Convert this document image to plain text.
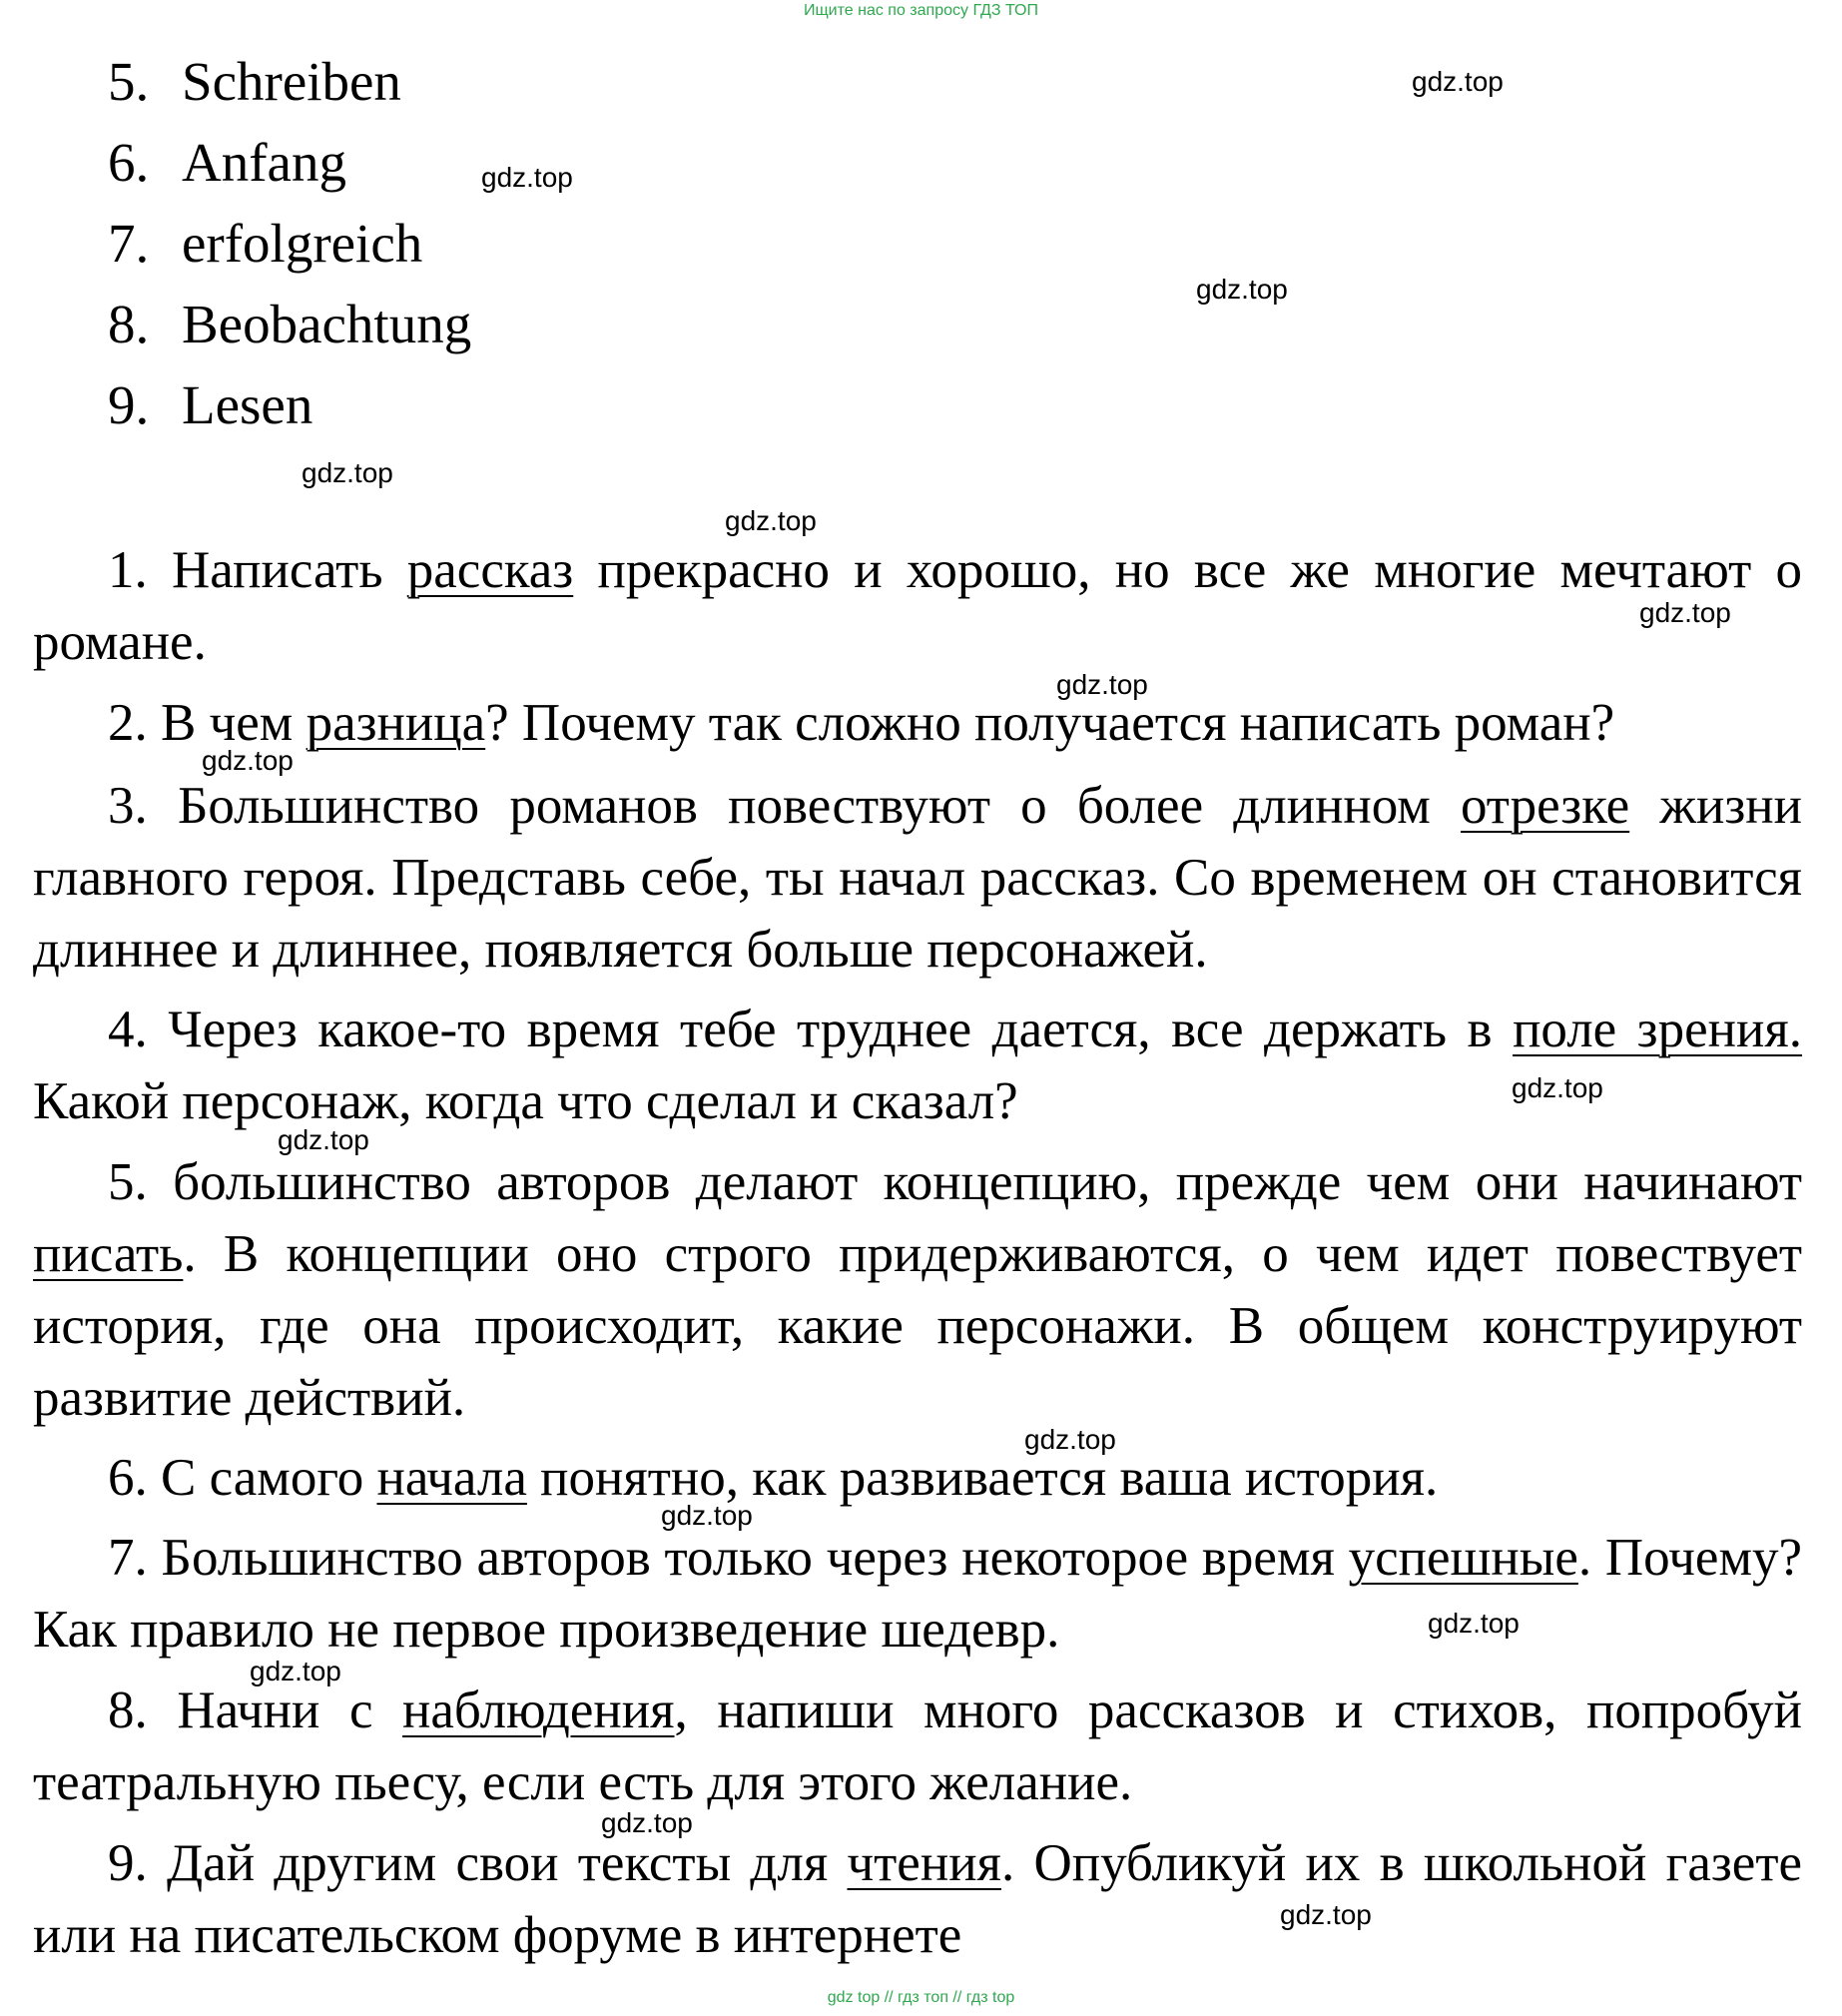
Ищите нас по запросу ГДЗ ТОП
5. Schreiben
6. Anfang
7. erfolgreich
8. Beobachtung
9. Lesen
1. Написать рассказ прекрасно и хорошо, но все же многие мечтают о романе.
2. В чем разница? Почему так сложно получается написать роман?
3. Большинство романов повествуют о более длинном отрезке жизни главного героя. Представь себе, ты начал рассказ. Со временем он становится длиннее и длиннее, появляется больше персонажей.
4. Через какое-то время тебе труднее дается, все держать в поле зрения. Какой персонаж, когда что сделал и сказал?
5. большинство авторов делают концепцию, прежде чем они начинают писать. В концепции оно строго придерживаются, о чем идет повествует история, где она происходит, какие персонажи. В общем конструируют развитие действий.
6. С самого начала понятно, как развивается ваша история.
7. Большинство авторов только через некоторое время успешные. Почему? Как правило не первое произведение шедевр.
8. Начни с наблюдения, напиши много рассказов и стихов, попробуй театральную пьесу, если есть для этого желание.
9. Дай другим свои тексты для чтения. Опубликуй их в школьной газете или на писательском форуме в интернете
gdz.top
gdz.top
gdz.top
gdz.top
gdz.top
gdz.top
gdz.top
gdz.top
gdz.top
gdz.top
gdz.top
gdz.top
gdz.top
gdz.top
gdz.top
gdz.top
gdz top // гдз топ // гдз top
